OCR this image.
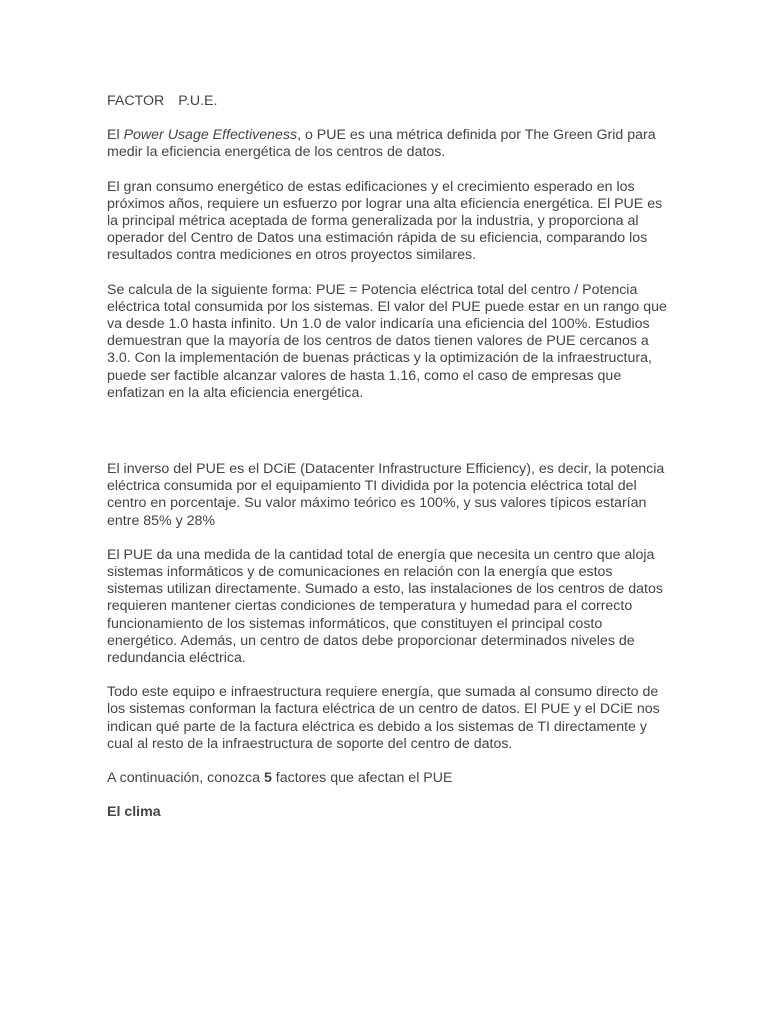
FACTOR P.U.E.

El Power Usage Effectiveness, o PUE es una métrica definida por The Green Grid para medir la eficiencia energética de los centros de datos.

El gran consumo energético de estas edificaciones y el crecimiento esperado en los próximos años, requiere un esfuerzo por lograr una alta eficiencia energética. El PUE es la principal métrica aceptada de forma generalizada por la industria, y proporciona al operador del Centro de Datos una estimación rápida de su eficiencia, comparando los resultados contra mediciones en otros proyectos similares.

Se calcula de la siguiente forma: PUE = Potencia eléctrica total del centro / Potencia eléctrica total consumida por los sistemas. El valor del PUE puede estar en un rango que va desde 1.0 hasta infinito. Un 1.0 de valor indicaría una eficiencia del 100%. Estudios demuestran que la mayoría de los centros de datos tienen valores de PUE cercanos a 3.0. Con la implementación de buenas prácticas y la optimización de la infraestructura, puede ser factible alcanzar valores de hasta 1.16, como el caso de empresas que enfatizan en la alta eficiencia energética.

El inverso del PUE es el DCiE (Datacenter Infrastructure Efficiency), es decir, la potencia eléctrica consumida por el equipamiento TI dividida por la potencia eléctrica total del centro en porcentaje. Su valor máximo teórico es 100%, y sus valores típicos estarían entre 85% y 28%

El PUE da una medida de la cantidad total de energía que necesita un centro que aloja sistemas informáticos y de comunicaciones en relación con la energía que estos sistemas utilizan directamente. Sumado a esto, las instalaciones de los centros de datos requieren mantener ciertas condiciones de temperatura y humedad para el correcto funcionamiento de los sistemas informáticos, que constituyen el principal costo energético. Además, un centro de datos debe proporcionar determinados niveles de redundancia eléctrica.

Todo este equipo e infraestructura requiere energía, que sumada al consumo directo de los sistemas conforman la factura eléctrica de un centro de datos. El PUE y el DCiE nos indican qué parte de la factura eléctrica es debido a los sistemas de TI directamente y cual al resto de la infraestructura de soporte del centro de datos.

A continuación, conozca 5 factores que afectan el PUE

El clima
